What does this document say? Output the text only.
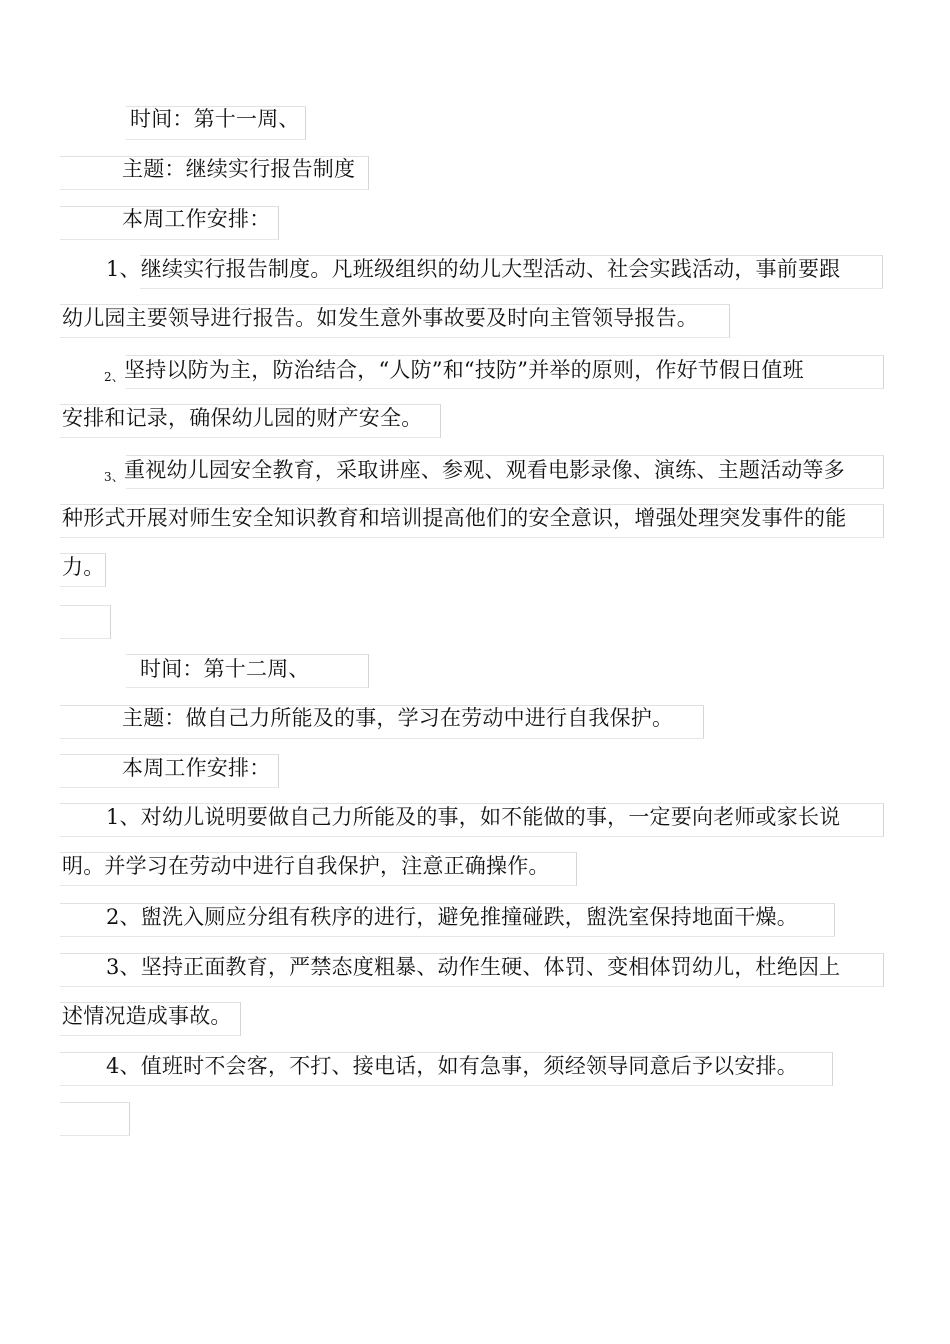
时间：第十一周、
主题：继续实行报告制度
本周工作安排：
1、继续实行报告制度。凡班级组织的幼儿大型活动、社会实践活动，事前要跟
幼儿园主要领导进行报告。如发生意外事故要及时向主管领导报告。
2、坚持以防为主，防治结合，“人防”和“技防”并举的原则，作好节假日值班
安排和记录，确保幼儿园的财产安全。
3、重视幼儿园安全教育，采取讲座、参观、观看电影录像、演练、主题活动等多
种形式开展对师生安全知识教育和培训提高他们的安全意识，增强处理突发事件的能
力。
时间：第十二周、
主题：做自己力所能及的事，学习在劳动中进行自我保护。
本周工作安排：
1、对幼儿说明要做自己力所能及的事，如不能做的事，一定要向老师或家长说
明。并学习在劳动中进行自我保护，注意正确操作。
2、盥洗入厕应分组有秩序的进行，避免推撞碰跌，盥洗室保持地面干燥。
3、坚持正面教育，严禁态度粗暴、动作生硬、体罚、变相体罚幼儿，杜绝因上
述情况造成事故。
4、值班时不会客，不打、接电话，如有急事，须经领导同意后予以安排。
